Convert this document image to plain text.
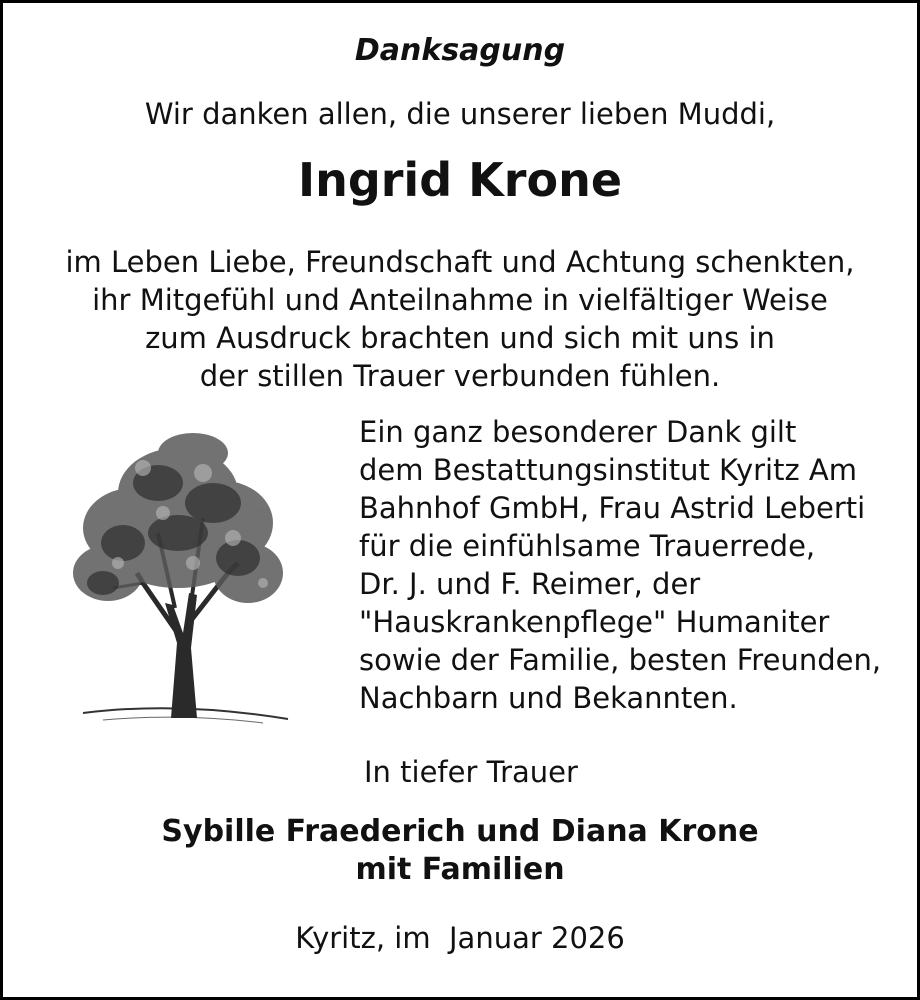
Danksagung
Wir danken allen, die unserer lieben Muddi,
Ingrid Krone
im Leben Liebe, Freundschaft und Achtung schenkten,
ihr Mitgefühl und Anteilnahme in vielfältiger Weise
zum Ausdruck brachten und sich mit uns in
der stillen Trauer verbunden fühlen.
Ein ganz besonderer Dank gilt
dem Bestattungsinstitut Kyritz Am
Bahnhof GmbH, Frau Astrid Leberti
für die einfühlsame Trauerrede,
Dr. J. und F. Reimer, der
"Hauskrankenpflege" Humaniter
sowie der Familie, besten Freunden,
Nachbarn und Bekannten.
In tiefer Trauer
Sybille Fraederich und Diana Krone
mit Familien
Kyritz, im  Januar 2026
